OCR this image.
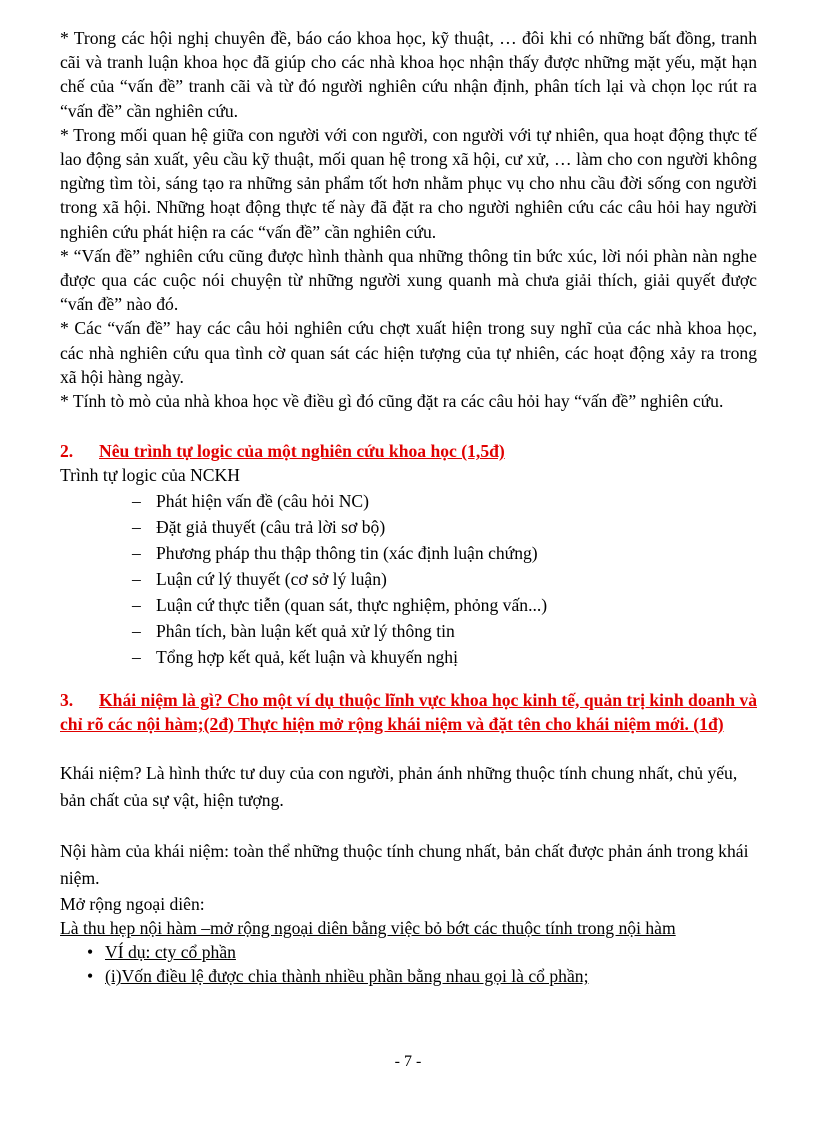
* Trong các hội nghị chuyên đề, báo cáo khoa học, kỹ thuật, … đôi khi có những bất đồng, tranh cãi và tranh luận khoa học đã giúp cho các nhà khoa học nhận thấy được những mặt yếu, mặt hạn chế của “vấn đề” tranh cãi và từ đó người nghiên cứu nhận định, phân tích lại và chọn lọc rút ra “vấn đề” cần nghiên cứu.

* Trong mối quan hệ giữa con người với con người, con người với tự nhiên, qua hoạt động thực tế lao động sản xuất, yêu cầu kỹ thuật, mối quan hệ trong xã hội, cư xử, … làm cho con người không ngừng tìm tòi, sáng tạo ra những sản phẩm tốt hơn nhằm phục vụ cho nhu cầu đời sống con người trong xã hội. Những hoạt động thực tế này đã đặt ra cho người nghiên cứu các câu hỏi hay người nghiên cứu phát hiện ra các “vấn đề” cần nghiên cứu.

* “Vấn đề” nghiên cứu cũng được hình thành qua những thông tin bức xúc, lời nói phàn nàn nghe được qua các cuộc nói chuyện từ những người xung quanh mà chưa giải thích, giải quyết được “vấn đề” nào đó.

* Các “vấn đề” hay các câu hỏi nghiên cứu chợt xuất hiện trong suy nghĩ của các nhà khoa học, các nhà nghiên cứu qua tình cờ quan sát các hiện tượng của tự nhiên, các hoạt động xảy ra trong xã hội hàng ngày.

* Tính tò mò của nhà khoa học về điều gì đó cũng đặt ra các câu hỏi hay “vấn đề” nghiên cứu.

2. Nêu trình tự logic của một nghiên cứu khoa học (1,5đ)

Trình tự logic của NCKH

– Phát hiện vấn đề (câu hỏi NC)
– Đặt giả thuyết (câu trả lời sơ bộ)
– Phương pháp thu thập thông tin (xác định luận chứng)
– Luận cứ lý thuyết (cơ sở lý luận)
– Luận cứ thực tiễn (quan sát, thực nghiệm, phỏng vấn...)
– Phân tích, bàn luận kết quả xử lý thông tin
– Tổng hợp kết quả, kết luận và khuyến nghị

3. Khái niệm là gì? Cho một ví dụ thuộc lĩnh vực khoa học kinh tế, quản trị kinh doanh và chỉ rõ các nội hàm;(2đ) Thực hiện mở rộng khái niệm và đặt tên cho khái niệm mới. (1đ)

Khái niệm? Là hình thức tư duy của con người, phản ánh những thuộc tính chung nhất, chủ yếu, bản chất của sự vật, hiện tượng.

Nội hàm của khái niệm: toàn thể những thuộc tính chung nhất, bản chất được phản ánh trong khái niệm.

Mở rộng ngoại diên:

Là thu hẹp nội hàm –mở rộng ngoại diên bằng việc bỏ bớt các thuộc tính trong nội hàm

• VÍ dụ: cty cổ phần
• (i)Vốn điều lệ được chia thành nhiều phần bằng nhau gọi là cổ phần;
- 7 -
